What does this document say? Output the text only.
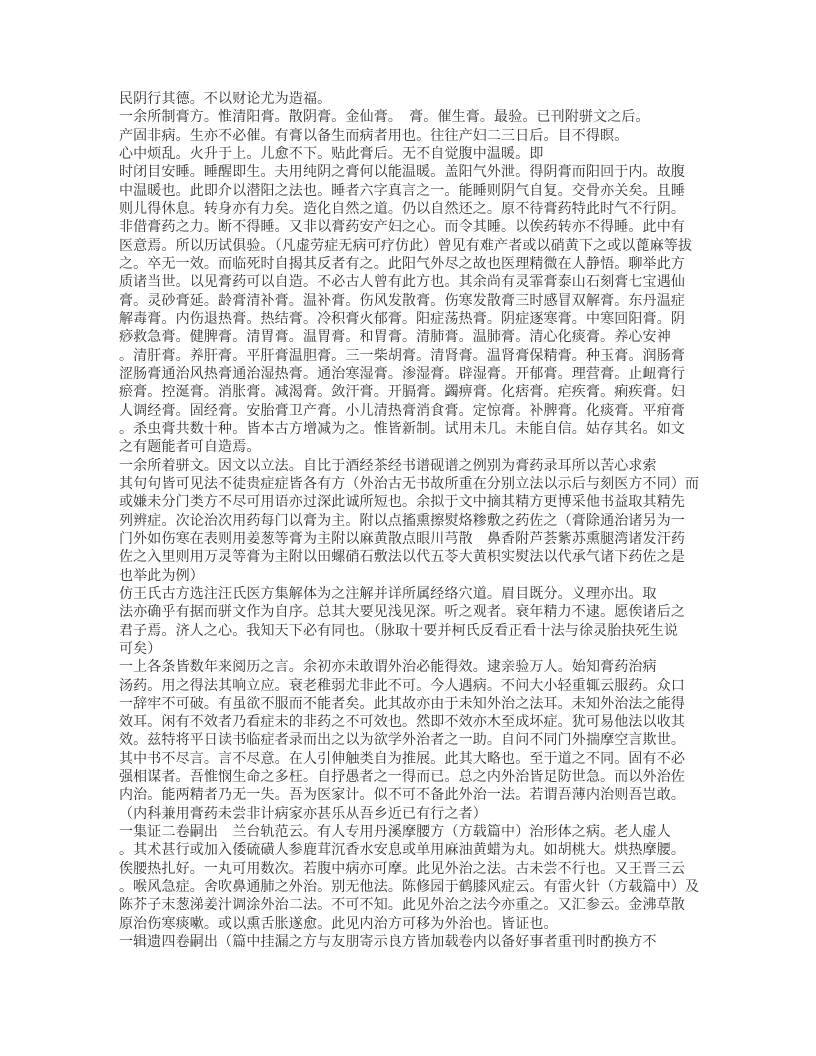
民阴行其德。不以财论尤为造福。
一余所制膏方。惟清阳膏。散阴膏。金仙膏。　膏。催生膏。最验。已刊附骈文之后。
产固非病。生亦不必催。有膏以备生而病者用也。往往产妇二三日后。目不得瞑。
心中烦乱。火升于上。儿愈不下。贴此膏后。无不自觉腹中温暖。即
时闭目安睡。睡醒即生。夫用纯阴之膏何以能温暖。盖阳气外泄。得阴膏而阳回于内。故腹
中温暖也。此即介以潜阳之法也。睡者六字真言之一。能睡则阴气自复。交骨亦关矣。且睡
则儿得休息。转身亦有力矣。造化自然之道。仍以自然还之。原不待膏药特此时气不行阴。
非借膏药之力。断不得睡。又非以膏药安产妇之心。而令其睡。以俟药转亦不得睡。此中有
医意焉。所以历试俱验。（凡虚劳症无病可疗仿此）曾见有难产者或以硝黄下之或以蓖麻等拔
之。卒无一效。而临死时自揭其反者有之。此阳气外尽之故也医理精微在人静悟。聊举此方
质诸当世。以见膏药可以自造。不必古人曾有此方也。其余尚有灵霏膏泰山石刻膏七宝遇仙
膏。灵砂膏延。龄膏清补膏。温补膏。伤风发散膏。伤寒发散膏三时感冒双解膏。东丹温症
解毒膏。内伤退热膏。热结膏。冷积膏火郁膏。阳症荡热膏。阴症逐寒膏。中寒回阳膏。阴
痧救急膏。健脾膏。清胃膏。温胃膏。和胃膏。清肺膏。温肺膏。清心化痰膏。养心安神
。清肝膏。养肝膏。平肝膏温胆膏。三一柴胡膏。清肾膏。温肾膏保精膏。种玉膏。润肠膏
涩肠膏通治风热膏通治湿热膏。通治寒湿膏。渗湿膏。辟湿膏。开郁膏。理营膏。止衄膏行
瘀膏。控涎膏。消胀膏。减渴膏。敛汗膏。开膈膏。蠲痹膏。化痞膏。疟疾膏。痢疾膏。妇
人调经膏。固经膏。安胎膏卫产膏。小儿清热膏消食膏。定惊膏。补脾膏。化痰膏。平疳膏
。杀虫膏共数十种。皆本古方增减为之。惟皆新制。试用未几。未能自信。姑存其名。如文
之有题能者可自造焉。
一余所着骈文。因文以立法。自比于酒经茶经书谱砚谱之例别为膏药录耳所以苦心求索
其句句皆可见法不徒贵症症皆各有方（外治古无书故所重在分别立法以示后与刻医方不同）而
或嫌未分门类方不尽可用语亦过深此诚所短也。余拟于文中摘其精方更博采他书益取其精先
列辨症。次论治次用药每门以膏为主。附以点搐熏擦熨烙糁敷之药佐之（膏除通治诸另为一
门外如伤寒在表则用姜葱等膏为主附以麻黄散点眼川芎散　鼻香附芦荟紫苏熏腿湾诸发汗药
佐之入里则用万灵等膏为主附以田螺硝石敷法以代五苓大黄枳实熨法以代承气诸下药佐之是
也举此为例）
仿王氏古方选注汪氏医方集解体为之注解并详所属经络穴道。眉目既分。义理亦出。取
法亦确乎有据而骈文作为自序。总其大要见浅见深。听之观者。衰年精力不逮。愿俟诸后之
君子焉。济人之心。我知天下必有同也。（脉取十要并柯氏反看正看十法与徐灵胎抉死生说
可矣）
一上各条皆数年来阅历之言。余初亦未敢谓外治必能得效。逮亲验万人。始知膏药治病
汤药。用之得法其响立应。衰老稚弱尤非此不可。今人遇病。不问大小轻重辄云服药。众口
一辞牢不可破。有虽欲不服而不能者矣。此其故亦由于未知外治之法耳。未知外治法之能得
效耳。闲有不效者乃看症未的非药之不可效也。然即不效亦木至成坏症。犹可易他法以收其
效。兹特将平日读书临症者录而出之以为欲学外治者之一助。自问不同门外揣摩空言欺世。
其中书不尽言。言不尽意。在人引伸触类自为推展。此其大略也。至于道之不同。固有不必
强相谋者。吾惟悯生命之多枉。自抒愚者之一得而已。总之内外治皆足防世急。而以外治佐
内治。能两精者乃无一失。吾为医家计。似不可不备此外治一法。若谓吾薄内治则吾岂敢。
（内科兼用膏药未尝非计病家亦甚乐从吾乡近已有行之者）
一集证二卷嗣出　兰台轨范云。有人专用丹溪摩腰方（方载篇中）治形体之病。老人虚人
。其术甚行或加入倭硫磺人参鹿茸沉香水安息或单用麻油黄蜡为丸。如胡桃大。烘热摩腰。
俟腰热扎好。一丸可用数次。若腹中病亦可摩。此见外治之法。古未尝不行也。又王晋三云
。喉风急症。舍吹鼻通肺之外治。别无他法。陈修园于鹤膝风症云。有雷火针（方载篇中）及
陈芥子末葱涕姜汁调涂外治二法。不可不知。此见外治之法今亦重之。又汇参云。金沸草散
原治伤寒痰嗽。或以熏舌胀遂愈。此见内治方可移为外治也。皆证也。
一辑遗四卷嗣出（篇中挂漏之方与友朋寄示良方皆加载卷内以备好事者重刊时酌换方不
